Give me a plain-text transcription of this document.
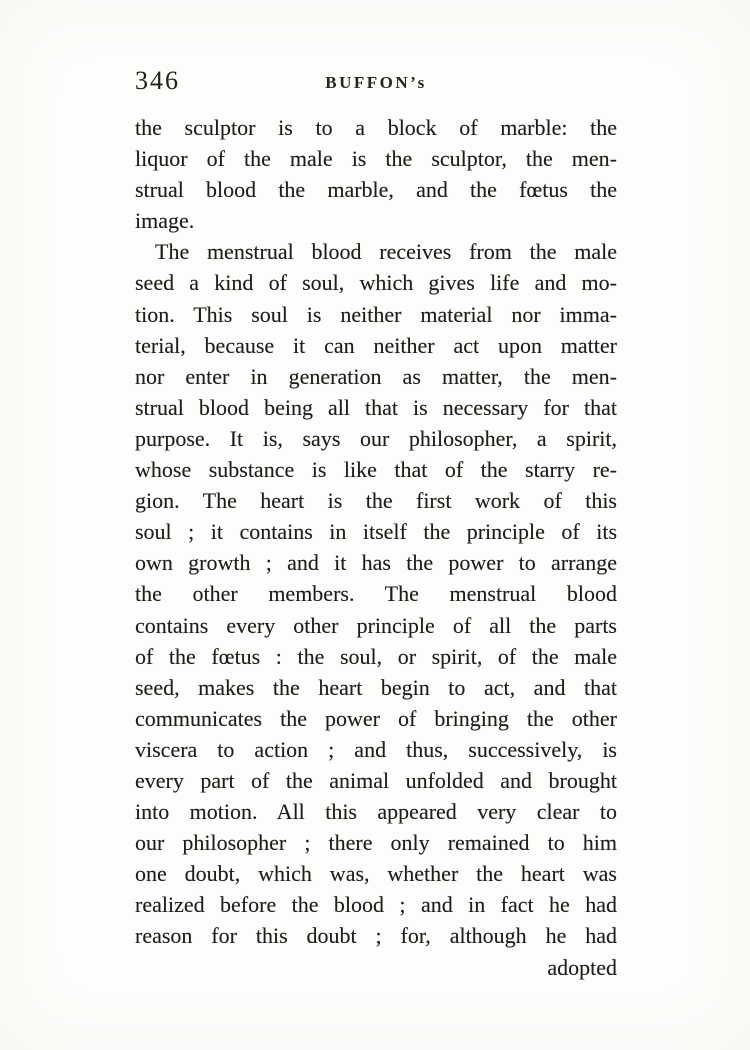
346	BUFFON’s
the sculptor is to a block of marble: the
liquor of the male is the sculptor, the men-
strual blood the marble, and the fœtus the
image.
The menstrual blood receives from the male
seed a kind of soul, which gives life and mo-
tion. This soul is neither material nor imma-
terial, because it can neither act upon matter
nor enter in generation as matter, the men-
strual blood being all that is necessary for that
purpose. It is, says our philosopher, a spirit,
whose substance is like that of the starry re-
gion. The heart is the first work of this
soul ; it contains in itself the principle of its
own growth ; and it has the power to arrange
the other members. The menstrual blood
contains every other principle of all the parts
of the fœtus : the soul, or spirit, of the male
seed, makes the heart begin to act, and that
communicates the power of bringing the other
viscera to action ; and thus, successively, is
every part of the animal unfolded and brought
into motion. All this appeared very clear to
our philosopher ; there only remained to him
one doubt, which was, whether the heart was
realized before the blood ; and in fact he had
reason for this doubt ; for, although he had
adopted
